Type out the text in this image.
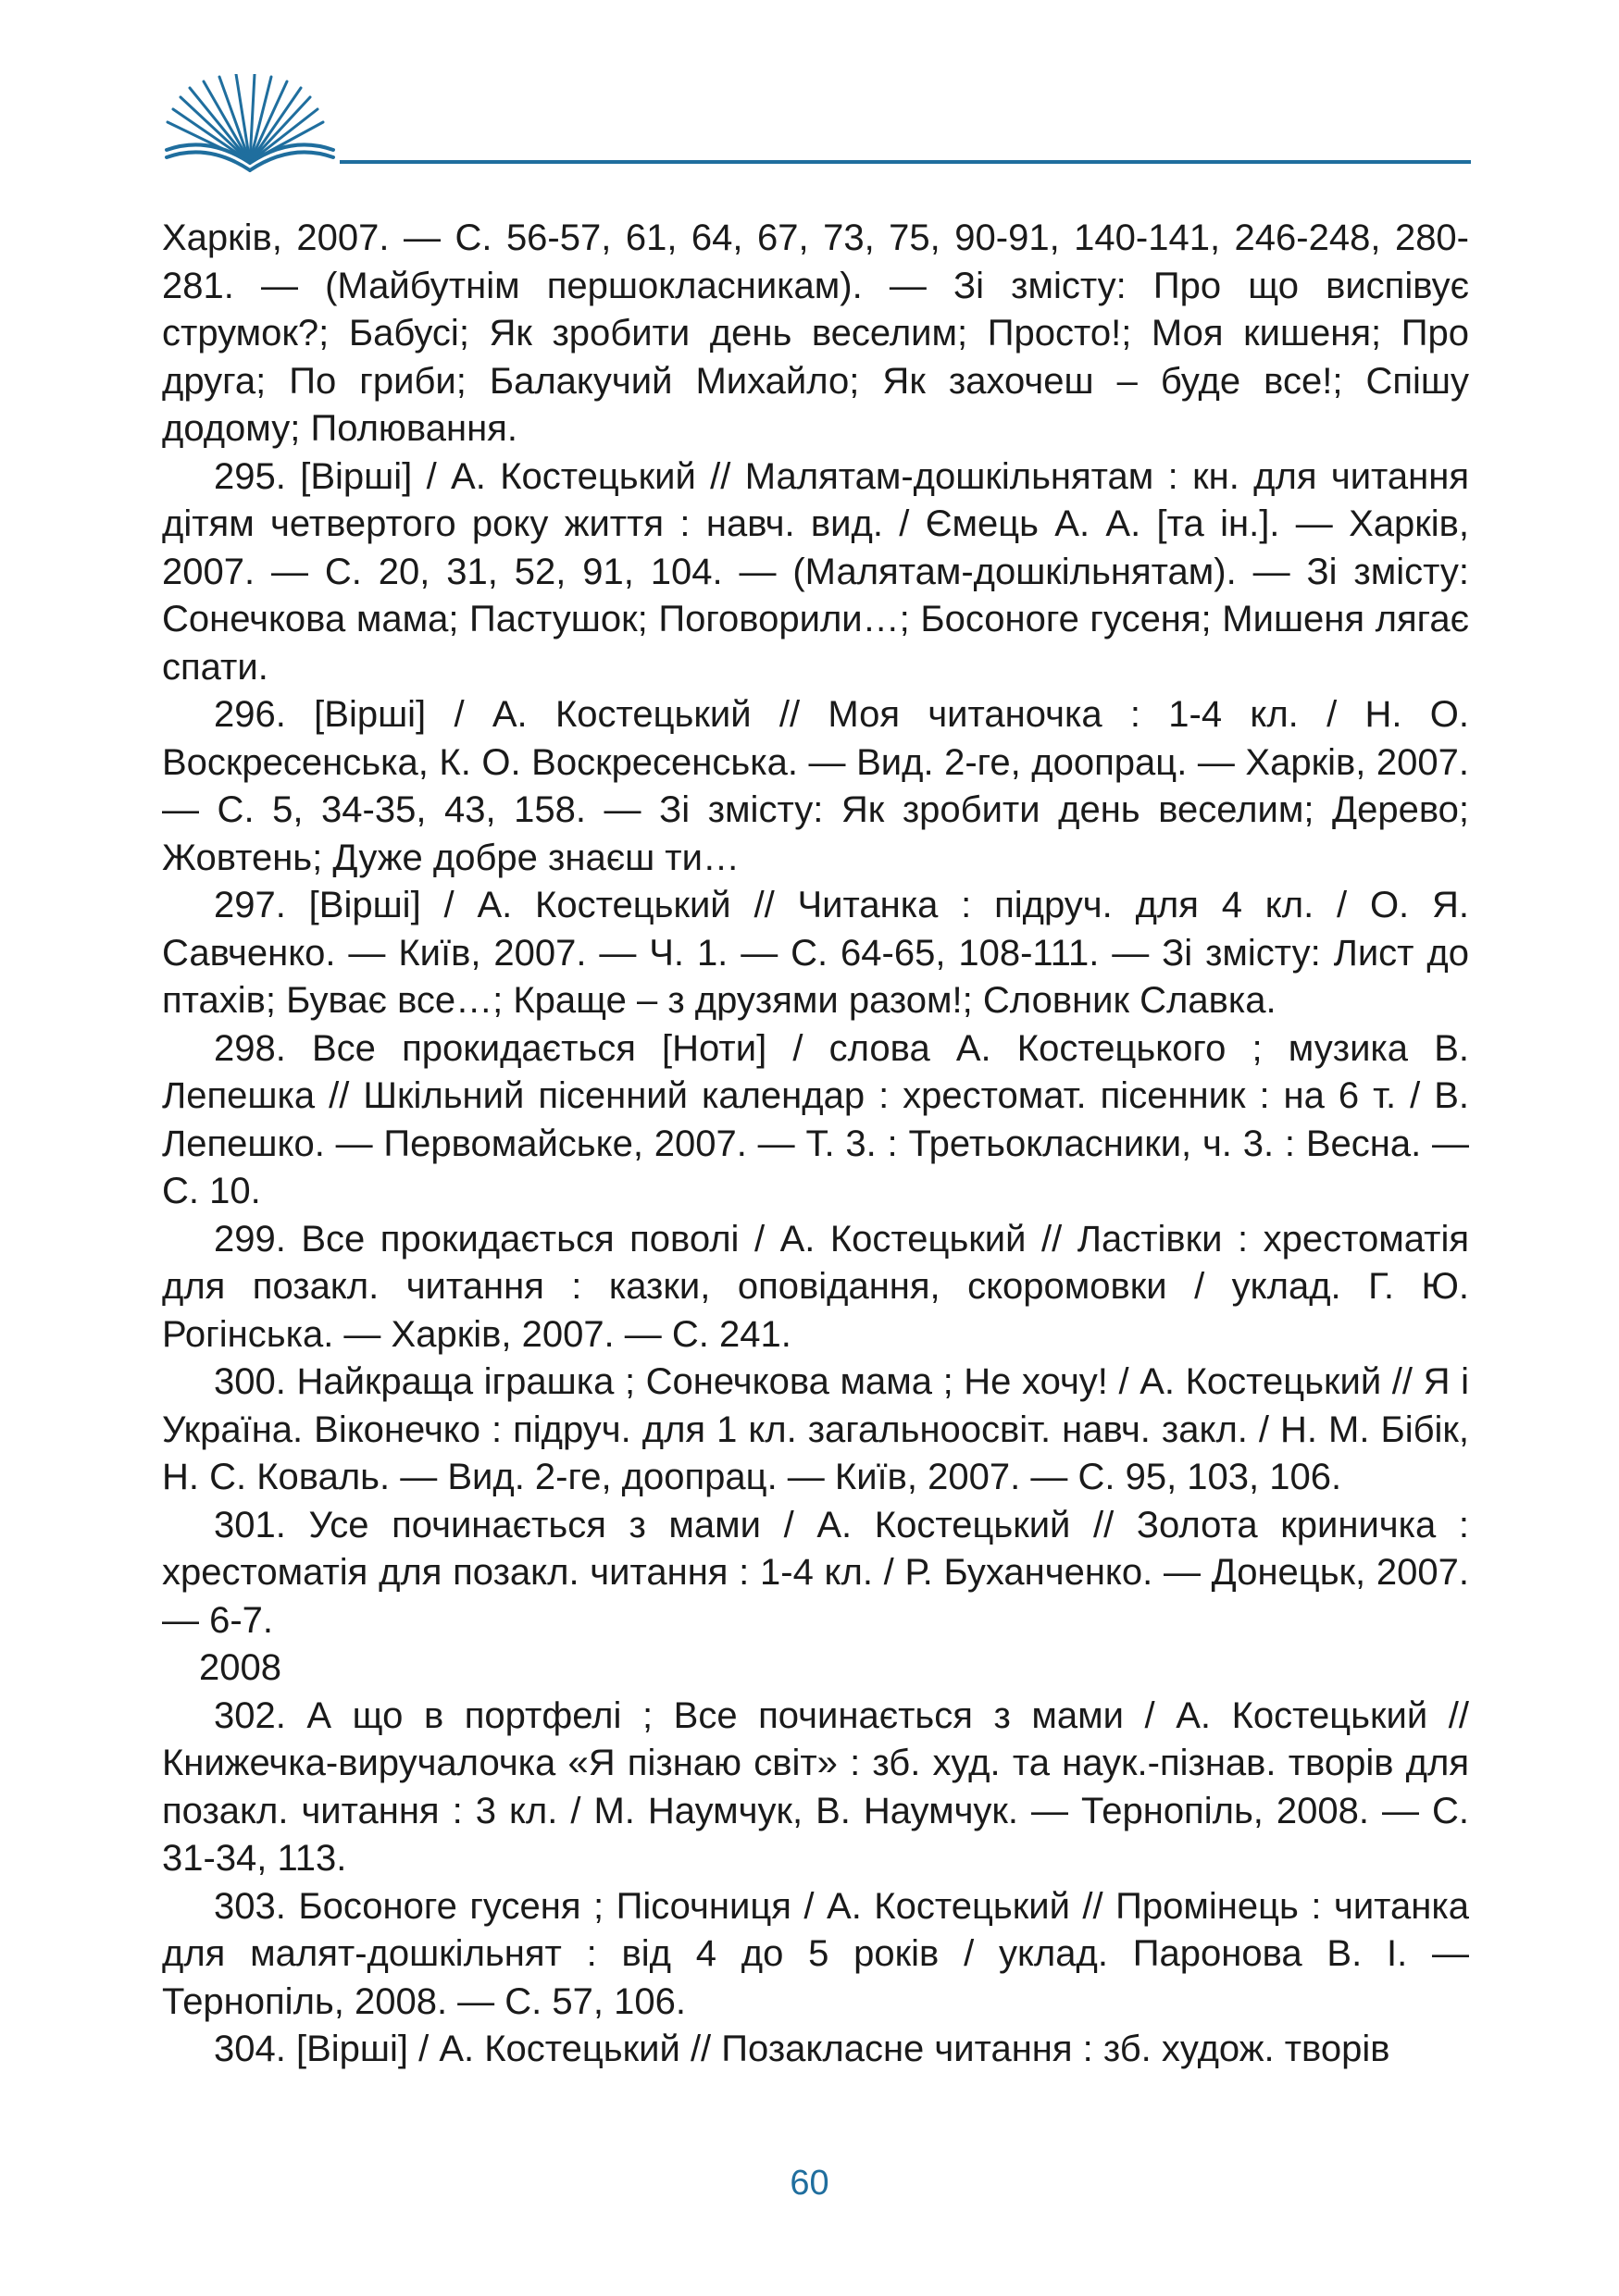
Харків, 2007. — С. 56-57, 61, 64, 67, 73, 75, 90-91, 140-141, 246-248, 280-281. — (Майбутнім першокласникам). — Зі змісту: Про що виспівує струмок?; Бабусі; Як зробити день веселим; Просто!; Моя кишеня; Про друга; По гриби; Балакучий Михайло; Як захочеш – буде все!; Спішу додому; Полювання.

295. [Вірші] / А. Костецький // Малятам-дошкільнятам : кн. для читання дітям четвертого року життя : навч. вид. / Ємець А. А. [та ін.]. — Харків, 2007. — С. 20, 31, 52, 91, 104. — (Малятам-дошкільнятам). — Зі змісту: Сонечкова мама; Пастушок; Поговорили…; Босоноге гусеня; Мишеня лягає спати.

296. [Вірші] / А. Костецький // Моя читаночка : 1-4 кл. / Н. О. Воскресенська, К. О. Воскресенська. — Вид. 2-ге, доопрац. — Харків, 2007. — С. 5, 34-35, 43, 158. — Зі змісту: Як зробити день веселим; Дерево; Жовтень; Дуже добре знаєш ти…

297. [Вірші] / А. Костецький // Читанка : підруч. для 4 кл. / О. Я. Савченко. — Київ, 2007. — Ч. 1. — С. 64-65, 108-111. — Зі змісту: Лист до птахів; Буває все…; Краще – з друзями разом!; Словник Славка.

298. Все прокидається [Ноти] / слова А. Костецького ; музика В. Лепешка // Шкільний пісенний календар : хрестомат. пісенник : на 6 т. / В. Лепешко. — Первомайське, 2007. — Т. 3. : Третьокласники, ч. 3. : Весна. — С. 10.

299. Все прокидається поволі / А. Костецький // Ластівки : хрестоматія для позакл. читання : казки, оповідання, скоромовки / уклад. Г. Ю. Рогінська. — Харків, 2007. — С. 241.

300. Найкраща іграшка ; Сонечкова мама ; Не хочу! / А. Костецький // Я і Україна. Віконечко : підруч. для 1 кл. загальноосвіт. навч. закл. / Н. М. Бібік, Н. С. Коваль. — Вид. 2-ге, доопрац. — Київ, 2007. — С. 95, 103, 106.

301. Усе починається з мами / А. Костецький // Золота криничка : хрестоматія для позакл. читання : 1-4 кл. / Р. Буханченко. — Донецьк, 2007. — 6-7.

2008

302. А що в портфелі ; Все починається з мами / А. Костецький // Книжечка-виручалочка «Я пізнаю світ» : зб. худ. та наук.-пізнав. творів для позакл. читання : 3 кл. / М. Наумчук, В. Наумчук. — Тернопіль, 2008. — С. 31-34, 113.

303. Босоноге гусеня ; Пісочниця / А. Костецький // Промінець : читанка для малят-дошкільнят : від 4 до 5 років / уклад. Паронова В. І. — Тернопіль, 2008. — С. 57, 106.

304. [Вірші] / А. Костецький // Позакласне читання : зб. худож. творів

60
